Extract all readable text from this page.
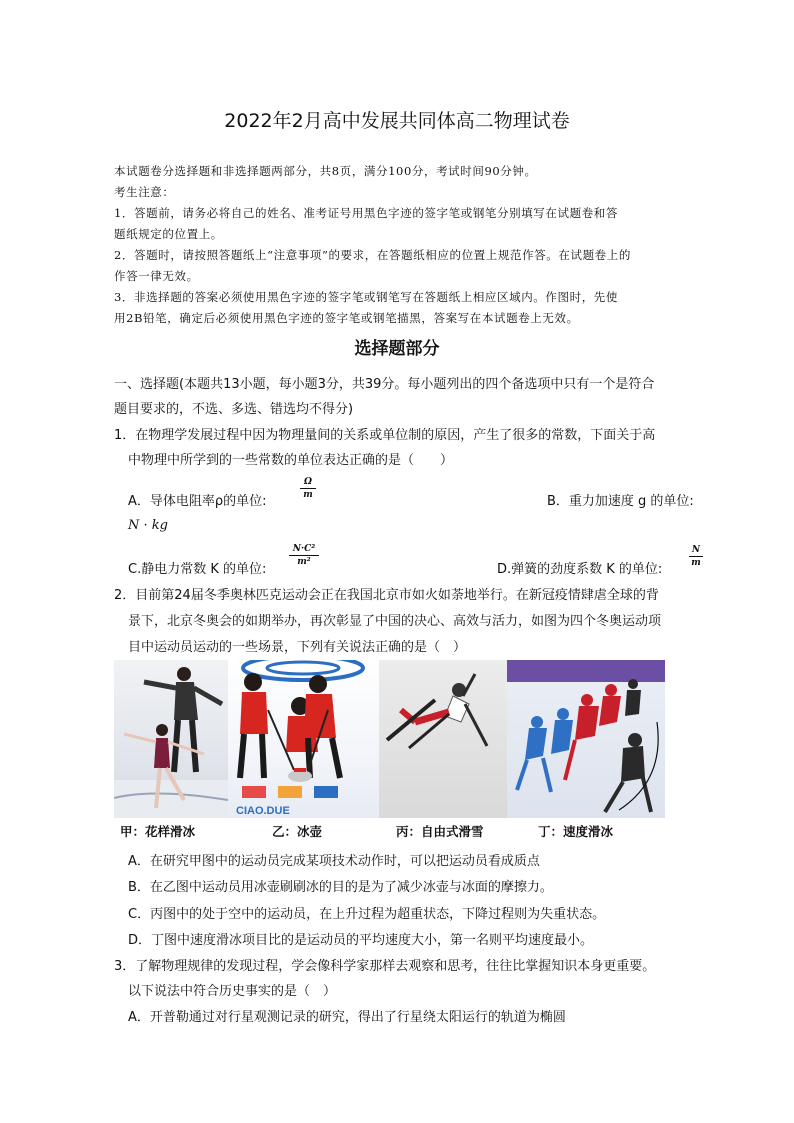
2022年2月高中发展共同体高二物理试卷
本试题卷分选择题和非选择题两部分，共8页，满分100分，考试时间90分钟。
考生注意：
1．答题前，请务必将自己的姓名、准考证号用黑色字迹的签字笔或钢笔分别填写在试题卷和答
题纸规定的位置上。
2．答题时，请按照答题纸上“注意事项”的要求，在答题纸相应的位置上规范作答。在试题卷上的
作答一律无效。
3．非选择题的答案必须使用黑色字迹的签字笔或钢笔写在答题纸上相应区域内。作图时，先使
用2B铅笔，确定后必须使用黑色字迹的签字笔或钢笔描黑，答案写在本试题卷上无效。
选择题部分
一、选择题(本题共13小题，每小题3分，共39分。每小题列出的四个备选项中只有一个是符合
题目要求的，不选、多选、错选均不得分)
1．在物理学发展过程中因为物理量间的关系或单位制的原因，产生了很多的常数，下面关于高
中物理中所学到的一些常数的单位表达正确的是（　　）
A．导体电阻率ρ的单位:
Ω
m	B．重力加速度 g 的单位:
N · kg
C.静电力常数 K 的单位:
N·C²
m²	D.弹簧的劲度系数 K 的单位:
N
m
2．目前第24届冬季奥林匹克运动会正在我国北京市如火如荼地举行。在新冠疫情肆虐全球的背
景下，北京冬奥会的如期举办，再次彰显了中国的决心、高效与活力，如图为四个冬奥运动项
目中运动员运动的一些场景，下列有关说法正确的是（　）
CIAO.DUE
甲：花样滑冰	乙：冰壶	丙：自由式滑雪	丁：速度滑冰
A．在研究甲图中的运动员完成某项技术动作时，可以把运动员看成质点
B．在乙图中运动员用冰壶刷刷冰的目的是为了减少冰壶与冰面的摩擦力。
C．丙图中的处于空中的运动员，在上升过程为超重状态，下降过程则为失重状态。
D．丁图中速度滑冰项目比的是运动员的平均速度大小，第一名则平均速度最小。
3．了解物理规律的发现过程，学会像科学家那样去观察和思考，往往比掌握知识本身更重要。
以下说法中符合历史事实的是（　）
A．开普勒通过对行星观测记录的研究，得出了行星绕太阳运行的轨道为椭圆
